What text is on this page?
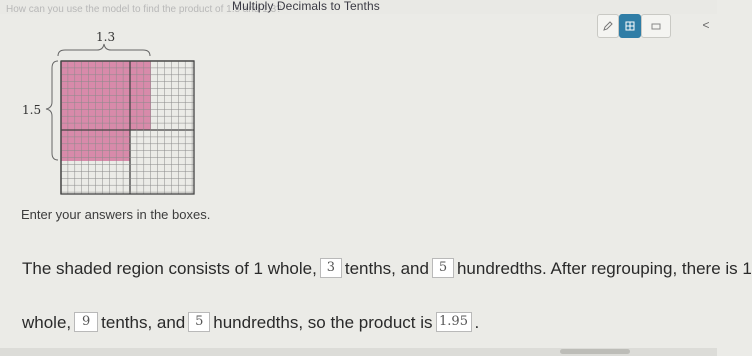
How can you use the model to find the product of 1.5 and 1.3?
Multiply Decimals to Tenths
<
1.3
1.5
Enter your answers in the boxes.
The shaded region consists of 1 whole, 3 tenths, and 5 hundredths. After regrouping, there is 1
whole, 9 tenths, and 5 hundredths, so the product is 1.95 .
